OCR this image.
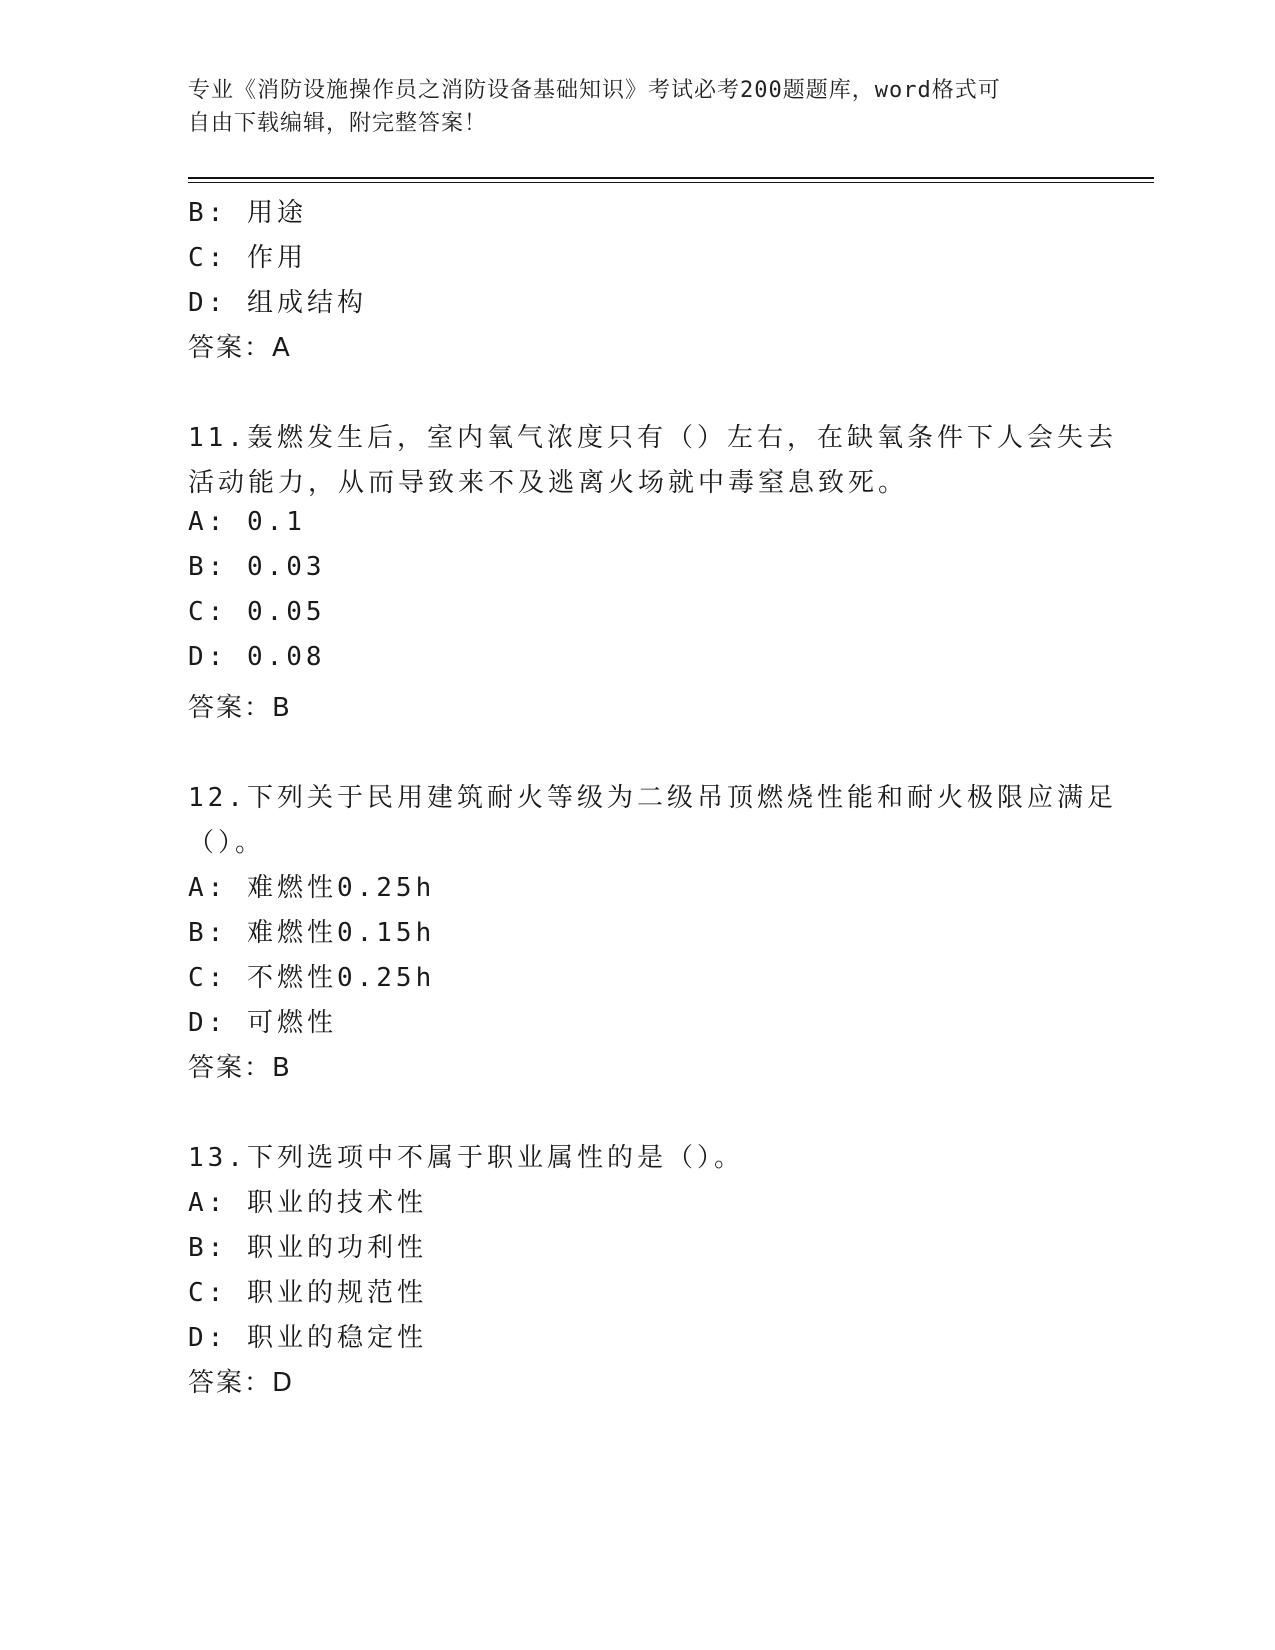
专业《消防设施操作员之消防设备基础知识》考试必考200题题库，word格式可
自由下载编辑，附完整答案！
B: 用途
C: 作用
D: 组成结构
答案：A
11.轰燃发生后，室内氧气浓度只有（）左右，在缺氧条件下人会失去
活动能力，从而导致来不及逃离火场就中毒窒息致死。
A: 0.1
B: 0.03
C: 0.05
D: 0.08
答案：B
12.下列关于民用建筑耐火等级为二级吊顶燃烧性能和耐火极限应满足
（）。
A: 难燃性0.25h
B: 难燃性0.15h
C: 不燃性0.25h
D: 可燃性
答案：B
13.下列选项中不属于职业属性的是（）。
A: 职业的技术性
B: 职业的功利性
C: 职业的规范性
D: 职业的稳定性
答案：D
